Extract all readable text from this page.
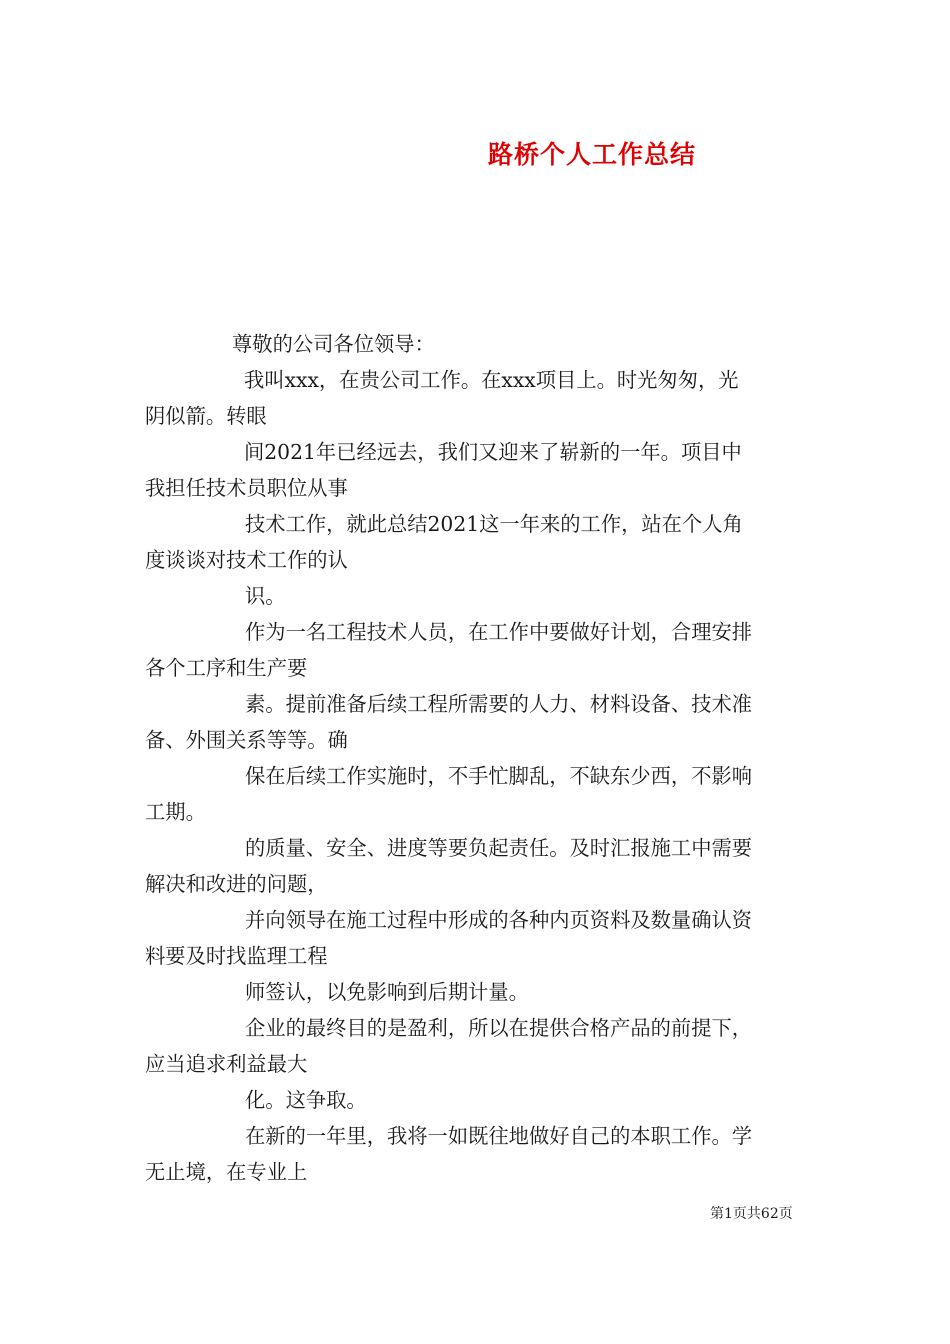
路桥个人工作总结
尊敬的公司各位领导：
我叫xxx，在贵公司工作。在xxx项目上。时光匆匆，光
阴似箭。转眼
间2021年已经远去，我们又迎来了崭新的一年。项目中
我担任技术员职位从事
技术工作，就此总结2021这一年来的工作，站在个人角
度谈谈对技术工作的认
识。
作为一名工程技术人员，在工作中要做好计划，合理安排
各个工序和生产要
素。提前准备后续工程所需要的人力、材料设备、技术准
备、外围关系等等。确
保在后续工作实施时，不手忙脚乱，不缺东少西，不影响
工期。
的质量、安全、进度等要负起责任。及时汇报施工中需要
解决和改进的问题，
并向领导在施工过程中形成的各种内页资料及数量确认资
料要及时找监理工程
师签认，以免影响到后期计量。
企业的最终目的是盈利，所以在提供合格产品的前提下，
应当追求利益最大
化。这争取。
在新的一年里，我将一如既往地做好自己的本职工作。学
无止境，在专业上
第1页共62页
